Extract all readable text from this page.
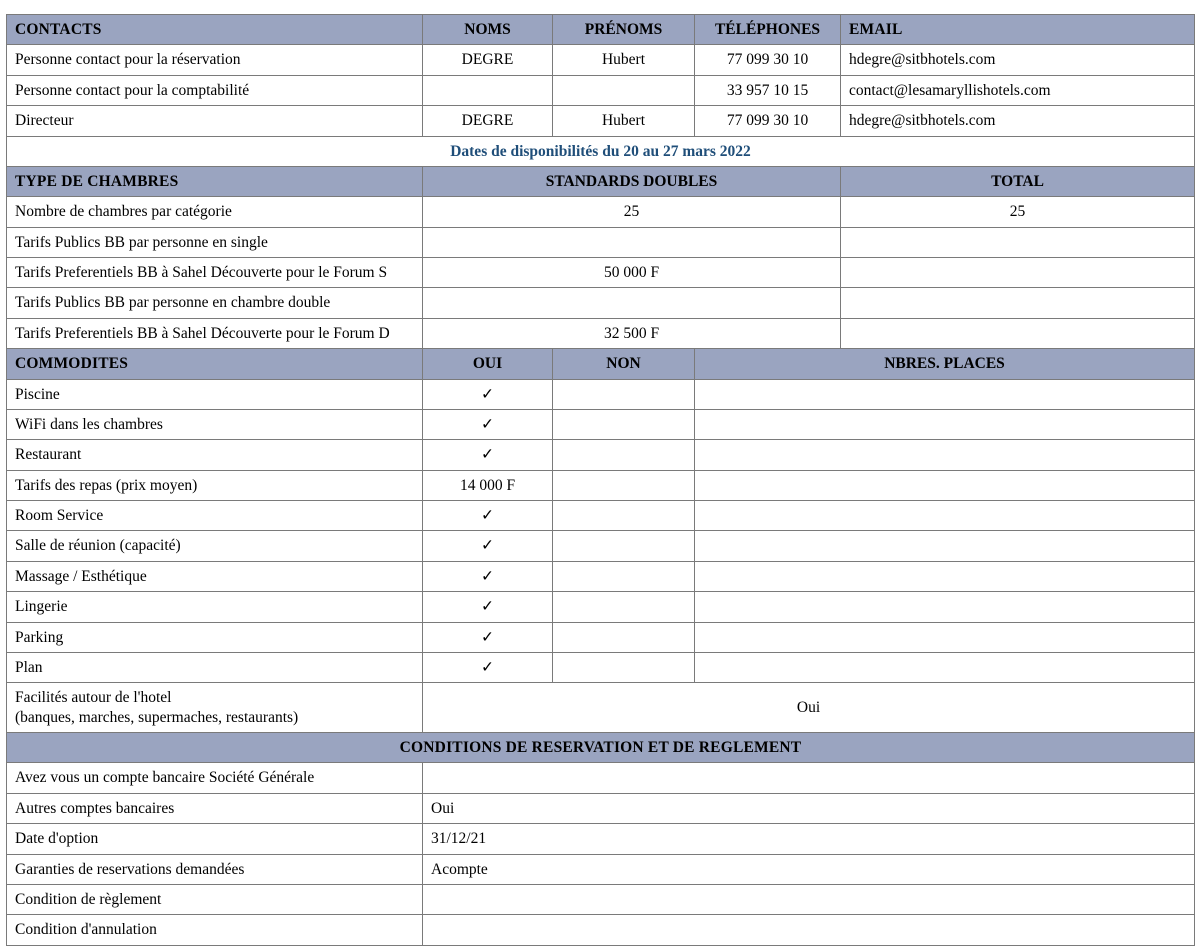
CONTACTS	NOMS	PRÉNOMS	TÉLÉPHONES	EMAIL
Personne contact pour la réservation	DEGRE	Hubert	77 099 30 10	hdegre@sitbhotels.com
Personne contact pour la comptabilité			33 957 10 15	contact@lesamaryllishotels.com
Directeur	DEGRE	Hubert	77 099 30 10	hdegre@sitbhotels.com
Dates de disponibilités du 20 au 27 mars 2022				
TYPE DE CHAMBRES	STANDARDS DOUBLES			TOTAL
Nombre de chambres par catégorie	25			25
Tarifs Publics BB par personne en single				
Tarifs Preferentiels BB à Sahel Découverte pour le Forum S	50 000 F			
Tarifs Publics BB par personne en chambre double				
Tarifs Preferentiels BB à Sahel Découverte pour le Forum D	32 500 F			
COMMODITES	OUI	NON	NBRES. PLACES	
Piscine	✓			
WiFi dans les chambres	✓			
Restaurant	✓			
Tarifs des repas (prix moyen)	14 000 F			
Room Service	✓			
Salle de réunion (capacité)	✓			
Massage / Esthétique	✓			
Lingerie	✓			
Parking	✓			
Plan	✓			
Facilités autour de l'hotel
(banques, marches, supermaches, restaurants)	Oui			
CONDITIONS DE RESERVATION ET DE REGLEMENT				
Avez vous un compte bancaire Société Générale				
Autres comptes bancaires	Oui			
Date d'option	31/12/21			
Garanties de reservations demandées	Acompte			
Condition de règlement				
Condition d'annulation				
